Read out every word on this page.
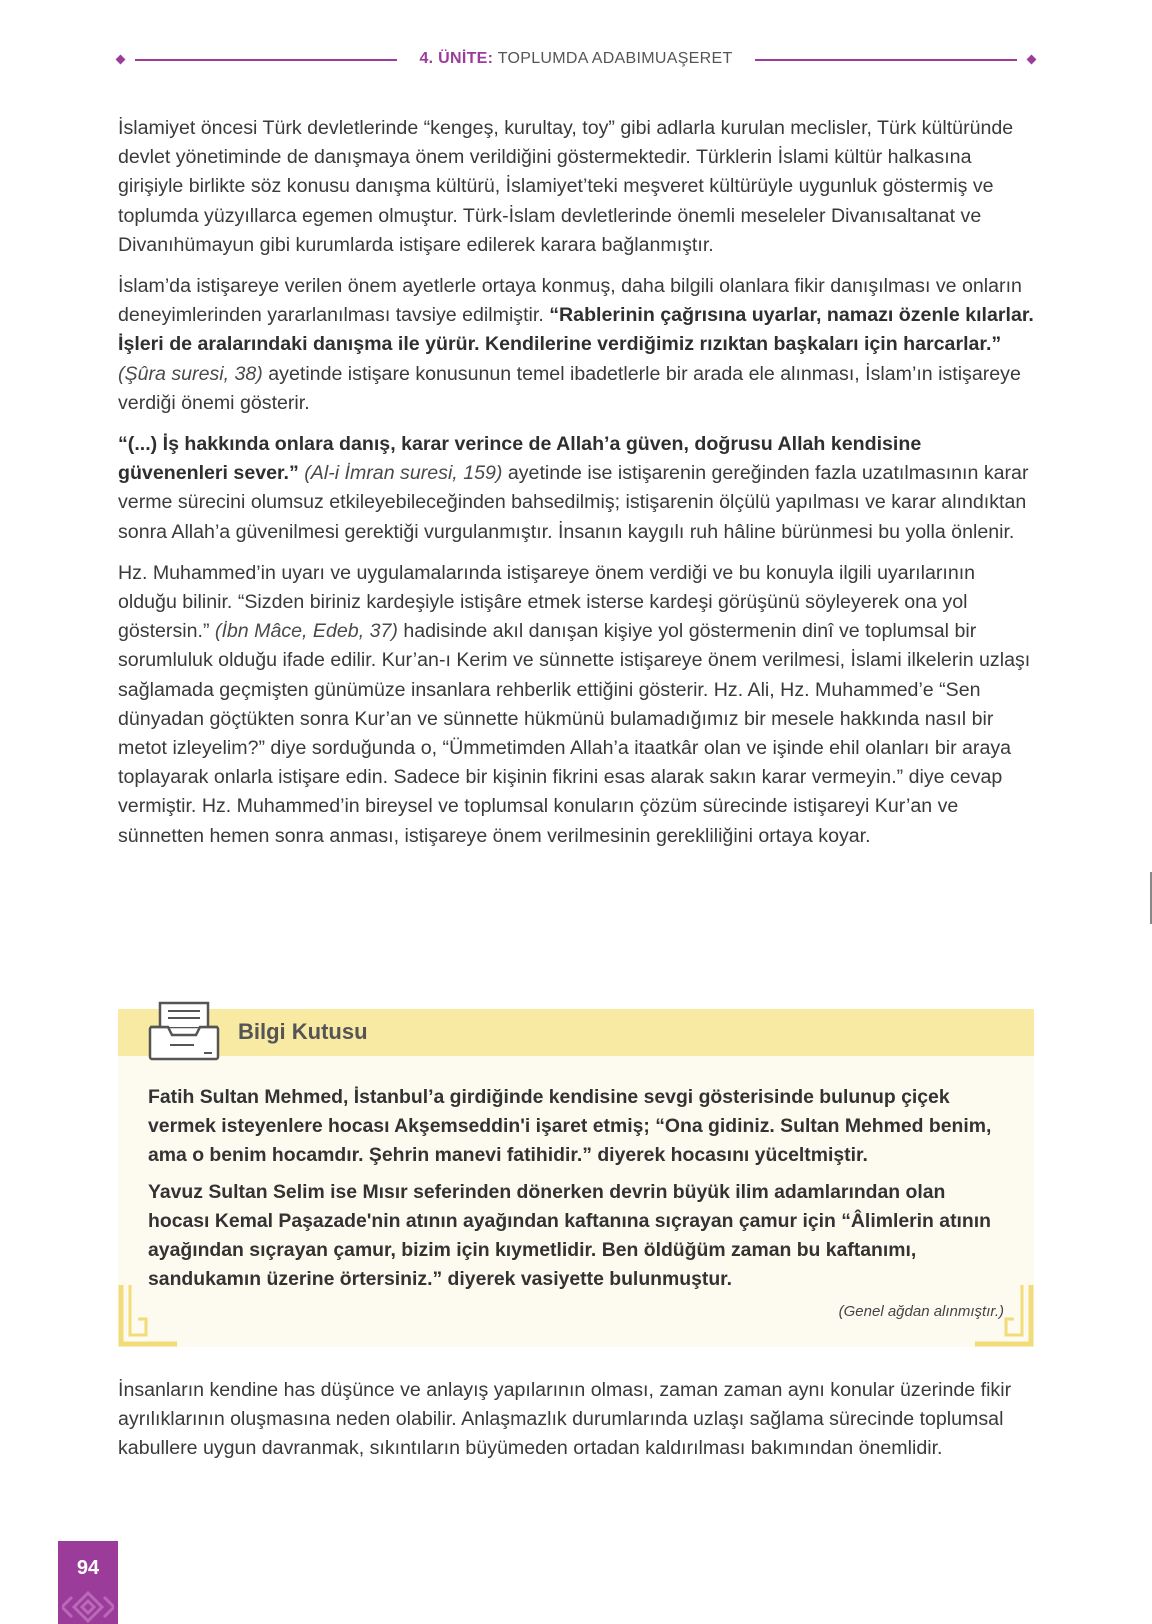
4. ÜNİTE: TOPLUMDA ADABIMUAŞERET

İslamiyet öncesi Türk devletlerinde “kengeş, kurultay, toy” gibi adlarla kurulan meclisler, Türk kültüründe devlet yönetiminde de danışmaya önem verildiğini göstermektedir. Türklerin İslami kültür halkasına girişiyle birlikte söz konusu danışma kültürü, İslamiyet’teki meşveret kültürüyle uygunluk göstermiş ve toplumda yüzyıllarca egemen olmuştur. Türk-İslam devletlerinde önemli meseleler Divanısaltanat ve Divanıhümayun gibi kurumlarda istişare edilerek karara bağlanmıştır.

İslam’da istişareye verilen önem ayetlerle ortaya konmuş, daha bilgili olanlara fikir danışılması ve onların deneyimlerinden yararlanılması tavsiye edilmiştir. “Rablerinin çağrısına uyarlar, namazı özenle kılarlar. İşleri de aralarındaki danışma ile yürür. Kendilerine verdiğimiz rızıktan başkaları için harcarlar.” (Şûra suresi, 38) ayetinde istişare konusunun temel ibadetlerle bir arada ele alınması, İslam’ın istişareye verdiği önemi gösterir.

“(...) İş hakkında onlara danış, karar verince de Allah’a güven, doğrusu Allah kendisine güvenenleri sever.” (Al-i İmran suresi, 159) ayetinde ise istişarenin gereğinden fazla uzatılmasının karar verme sürecini olumsuz etkileyebileceğinden bahsedilmiş; istişarenin ölçülü yapılması ve karar alındıktan sonra Allah’a güvenilmesi gerektiği vurgulanmıştır. İnsanın kaygılı ruh hâline bürünmesi bu yolla önlenir.

Hz. Muhammed’in uyarı ve uygulamalarında istişareye önem verdiği ve bu konuyla ilgili uyarılarının olduğu bilinir. “Sizden biriniz kardeşiyle istişâre etmek isterse kardeşi görüşünü söyleyerek ona yol göstersin.” (İbn Mâce, Edeb, 37) hadisinde akıl danışan kişiye yol göstermenin dinî ve toplumsal bir sorumluluk olduğu ifade edilir. Kur’an-ı Kerim ve sünnette istişareye önem verilmesi, İslami ilkelerin uzlaşı sağlamada geçmişten günümüze insanlara rehberlik ettiğini gösterir. Hz. Ali, Hz. Muhammed’e “Sen dünyadan göçtükten sonra Kur’an ve sünnette hükmünü bulamadığımız bir mesele hakkında nasıl bir metot izleyelim?” diye sorduğunda o, “Ümmetimden Allah’a itaatkâr olan ve işinde ehil olanları bir araya toplayarak onlarla istişare edin. Sadece bir kişinin fikrini esas alarak sakın karar vermeyin.” diye cevap vermiştir. Hz. Muhammed’in bireysel ve toplumsal konuların çözüm sürecinde istişareyi Kur’an ve sünnetten hemen sonra anması, istişareye önem verilmesinin gerekliliğini ortaya koyar.

Bilgi Kutusu

Fatih Sultan Mehmed, İstanbul’a girdiğinde kendisine sevgi gösterisinde bulunup çiçek vermek isteyenlere hocası Akşemseddin'i işaret etmiş; “Ona gidiniz. Sultan Mehmed benim, ama o benim hocamdır. Şehrin manevi fatihidir.” diyerek hocasını yüceltmiştir.

Yavuz Sultan Selim ise Mısır seferinden dönerken devrin büyük ilim adamlarından olan hocası Kemal Paşazade'nin atının ayağından kaftanına sıçrayan çamur için “Âlimlerin atının ayağından sıçrayan çamur, bizim için kıymetlidir. Ben öldüğüm zaman bu kaftanımı, sandukamın üzerine örtersiniz.” diyerek vasiyette bulunmuştur.

(Genel ağdan alınmıştır.)

İnsanların kendine has düşünce ve anlayış yapılarının olması, zaman zaman aynı konular üzerinde fikir ayrılıklarının oluşmasına neden olabilir. Anlaşmazlık durumlarında uzlaşı sağlama sürecinde toplumsal kabullere uygun davranmak, sıkıntıların büyümeden ortadan kaldırılması bakımından önemlidir.

94
